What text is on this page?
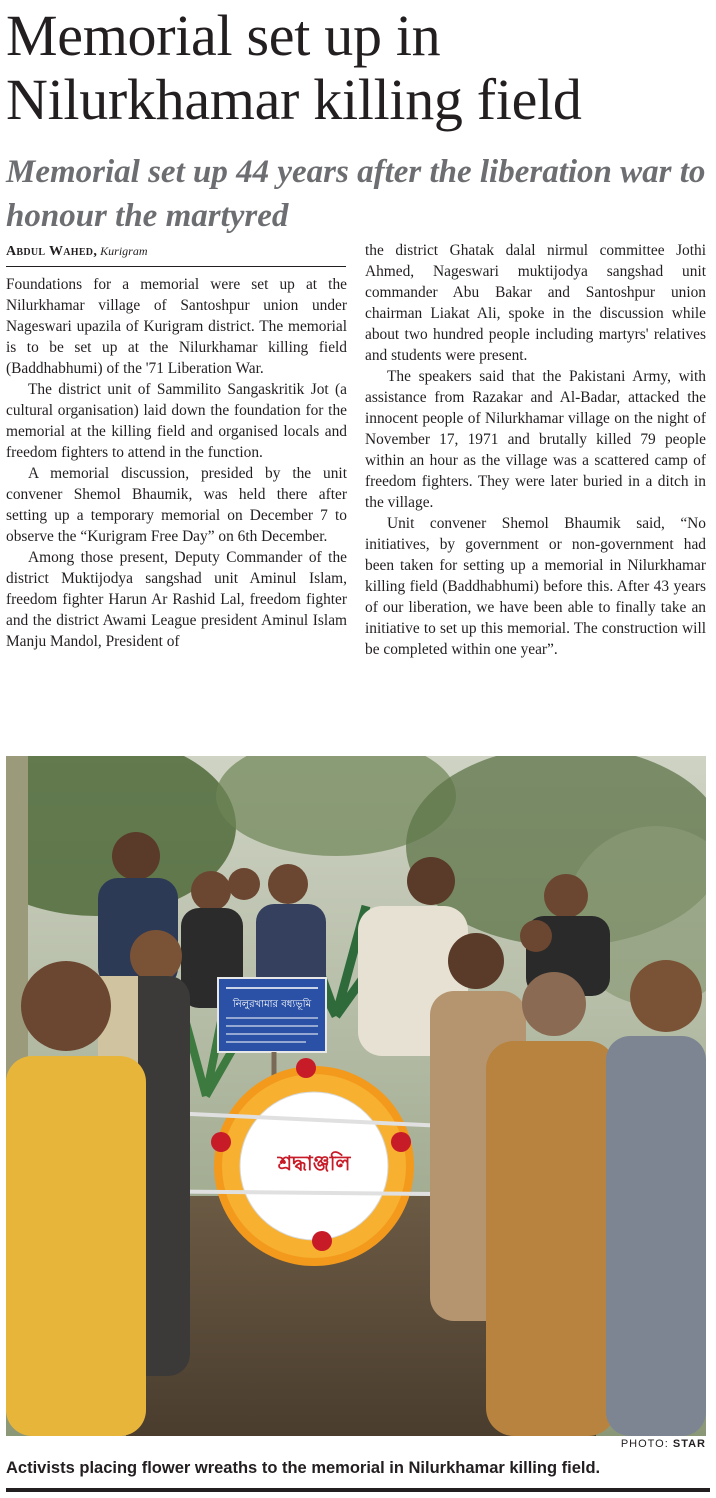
Memorial set up in Nilurkhamar killing field
Memorial set up 44 years after the liberation war to honour the martyred
Abdul Wahed, Kurigram

Foundations for a memorial were set up at the Nilurkhamar village of Santoshpur union under Nageswari upazila of Kurigram district. The memorial is to be set up at the Nilurkhamar killing field (Baddhabhumi) of the '71 Liberation War.

The district unit of Sammilito Sangaskritik Jot (a cultural organisation) laid down the foundation for the memorial at the killing field and organised locals and freedom fighters to attend in the function.

A memorial discussion, presided by the unit convener Shemol Bhaumik, was held there after setting up a temporary memorial on December 7 to observe the “Kurigram Free Day” on 6th December.

Among those present, Deputy Commander of the district Muktijodya sangshad unit Aminul Islam, freedom fighter Harun Ar Rashid Lal, freedom fighter and the district Awami League president Aminul Islam Manju Mandol, President of

the district Ghatak dalal nirmul committee Jothi Ahmed, Nageswari muktijodya sangshad unit commander Abu Bakar and Santoshpur union chairman Liakat Ali, spoke in the discussion while about two hundred people including martyrs' relatives and students were present.

The speakers said that the Pakistani Army, with assistance from Razakar and Al-Badar, attacked the innocent people of Nilurkhamar village on the night of November 17, 1971 and brutally killed 79 people within an hour as the village was a scattered camp of freedom fighters. They were later buried in a ditch in the village.

Unit convener Shemol Bhaumik said, “No initiatives, by government or non-government had been taken for setting up a memorial in Nilurkhamar killing field (Baddhabhumi) before this. After 43 years of our liberation, we have been able to finally take an initiative to set up this memorial. The construction will be completed within one year”.

নিলুরখামার বধ্যভূমি
শ্রদ্ধাঞ্জলি
PHOTO: STAR
Activists placing flower wreaths to the memorial in Nilurkhamar killing field.
